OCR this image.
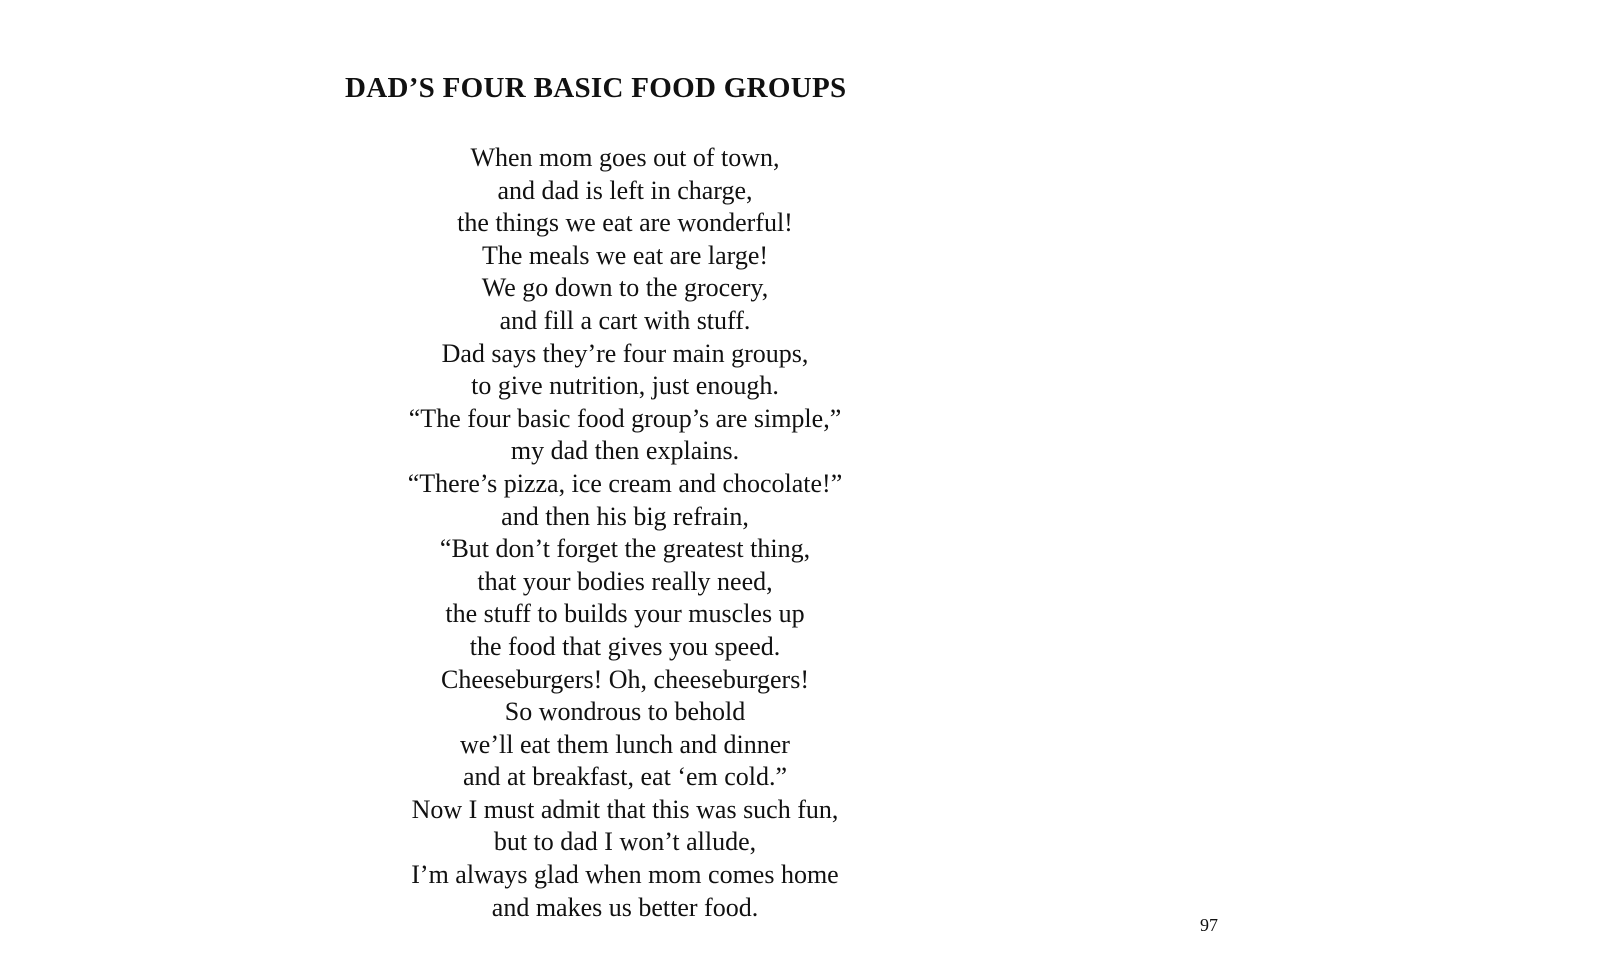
DAD’S FOUR BASIC FOOD GROUPS
When mom goes out of town,
and dad is left in charge,
the things we eat are wonderful!
The meals we eat are large!
We go down to the grocery,
and fill a cart with stuff.
Dad says they’re four main groups,
to give nutrition, just enough.
“The four basic food group’s are simple,”
my dad then explains.
“There’s pizza, ice cream and chocolate!”
and then his big refrain,
“But don’t forget the greatest thing,
that your bodies really need,
the stuff to builds your muscles up
the food that gives you speed.
Cheeseburgers! Oh, cheeseburgers!
So wondrous to behold
we’ll eat them lunch and dinner
and at breakfast, eat ‘em cold.”
Now I must admit that this was such fun,
but to dad I won’t allude,
I’m always glad when mom comes home
and makes us better food.
97
